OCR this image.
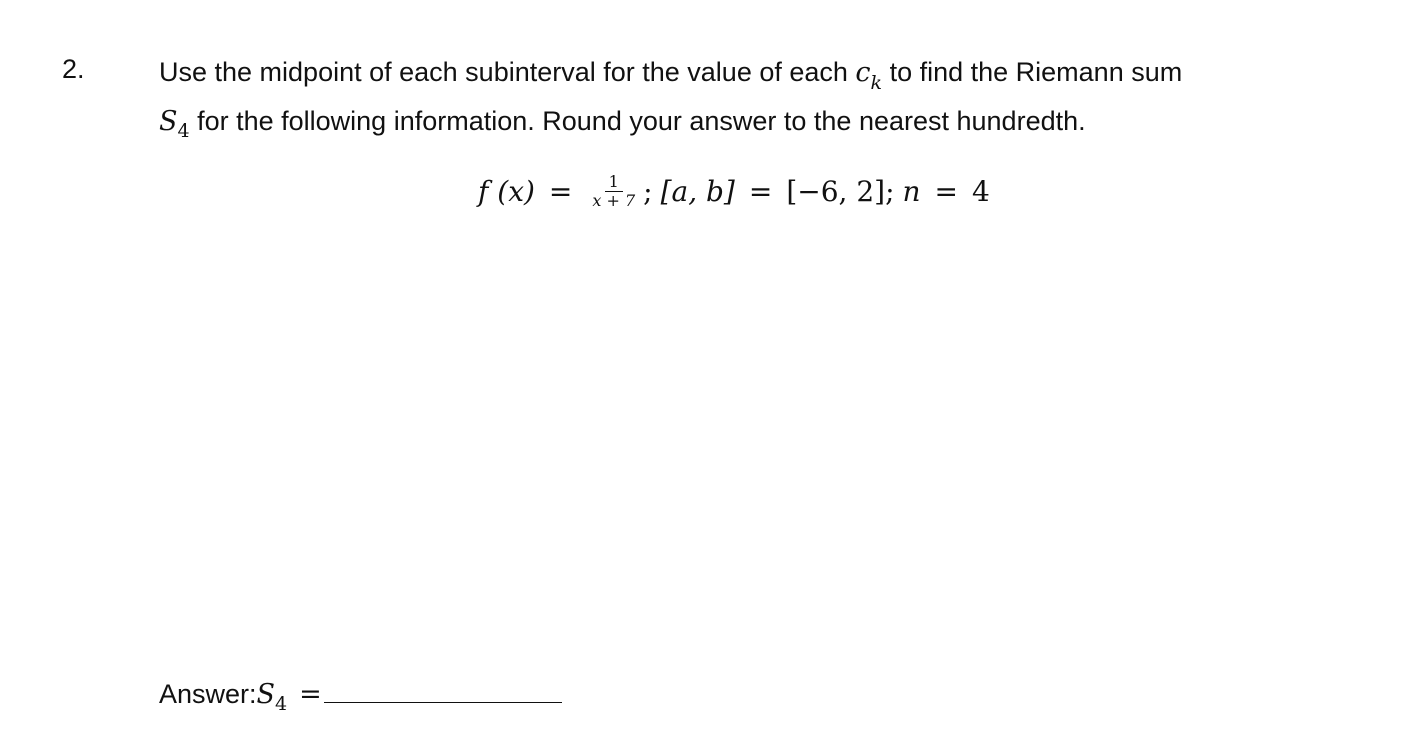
2.	Use the midpoint of each subinterval for the value of each $c_k$ to find the Riemann sum
$S_4$ for the following information. Round your answer to the nearest hundredth.
f $(x) = \frac{1}{x + 7}$ ; [a, b] = [−6, 2]; n = 4
Answer: $S_4$ =
